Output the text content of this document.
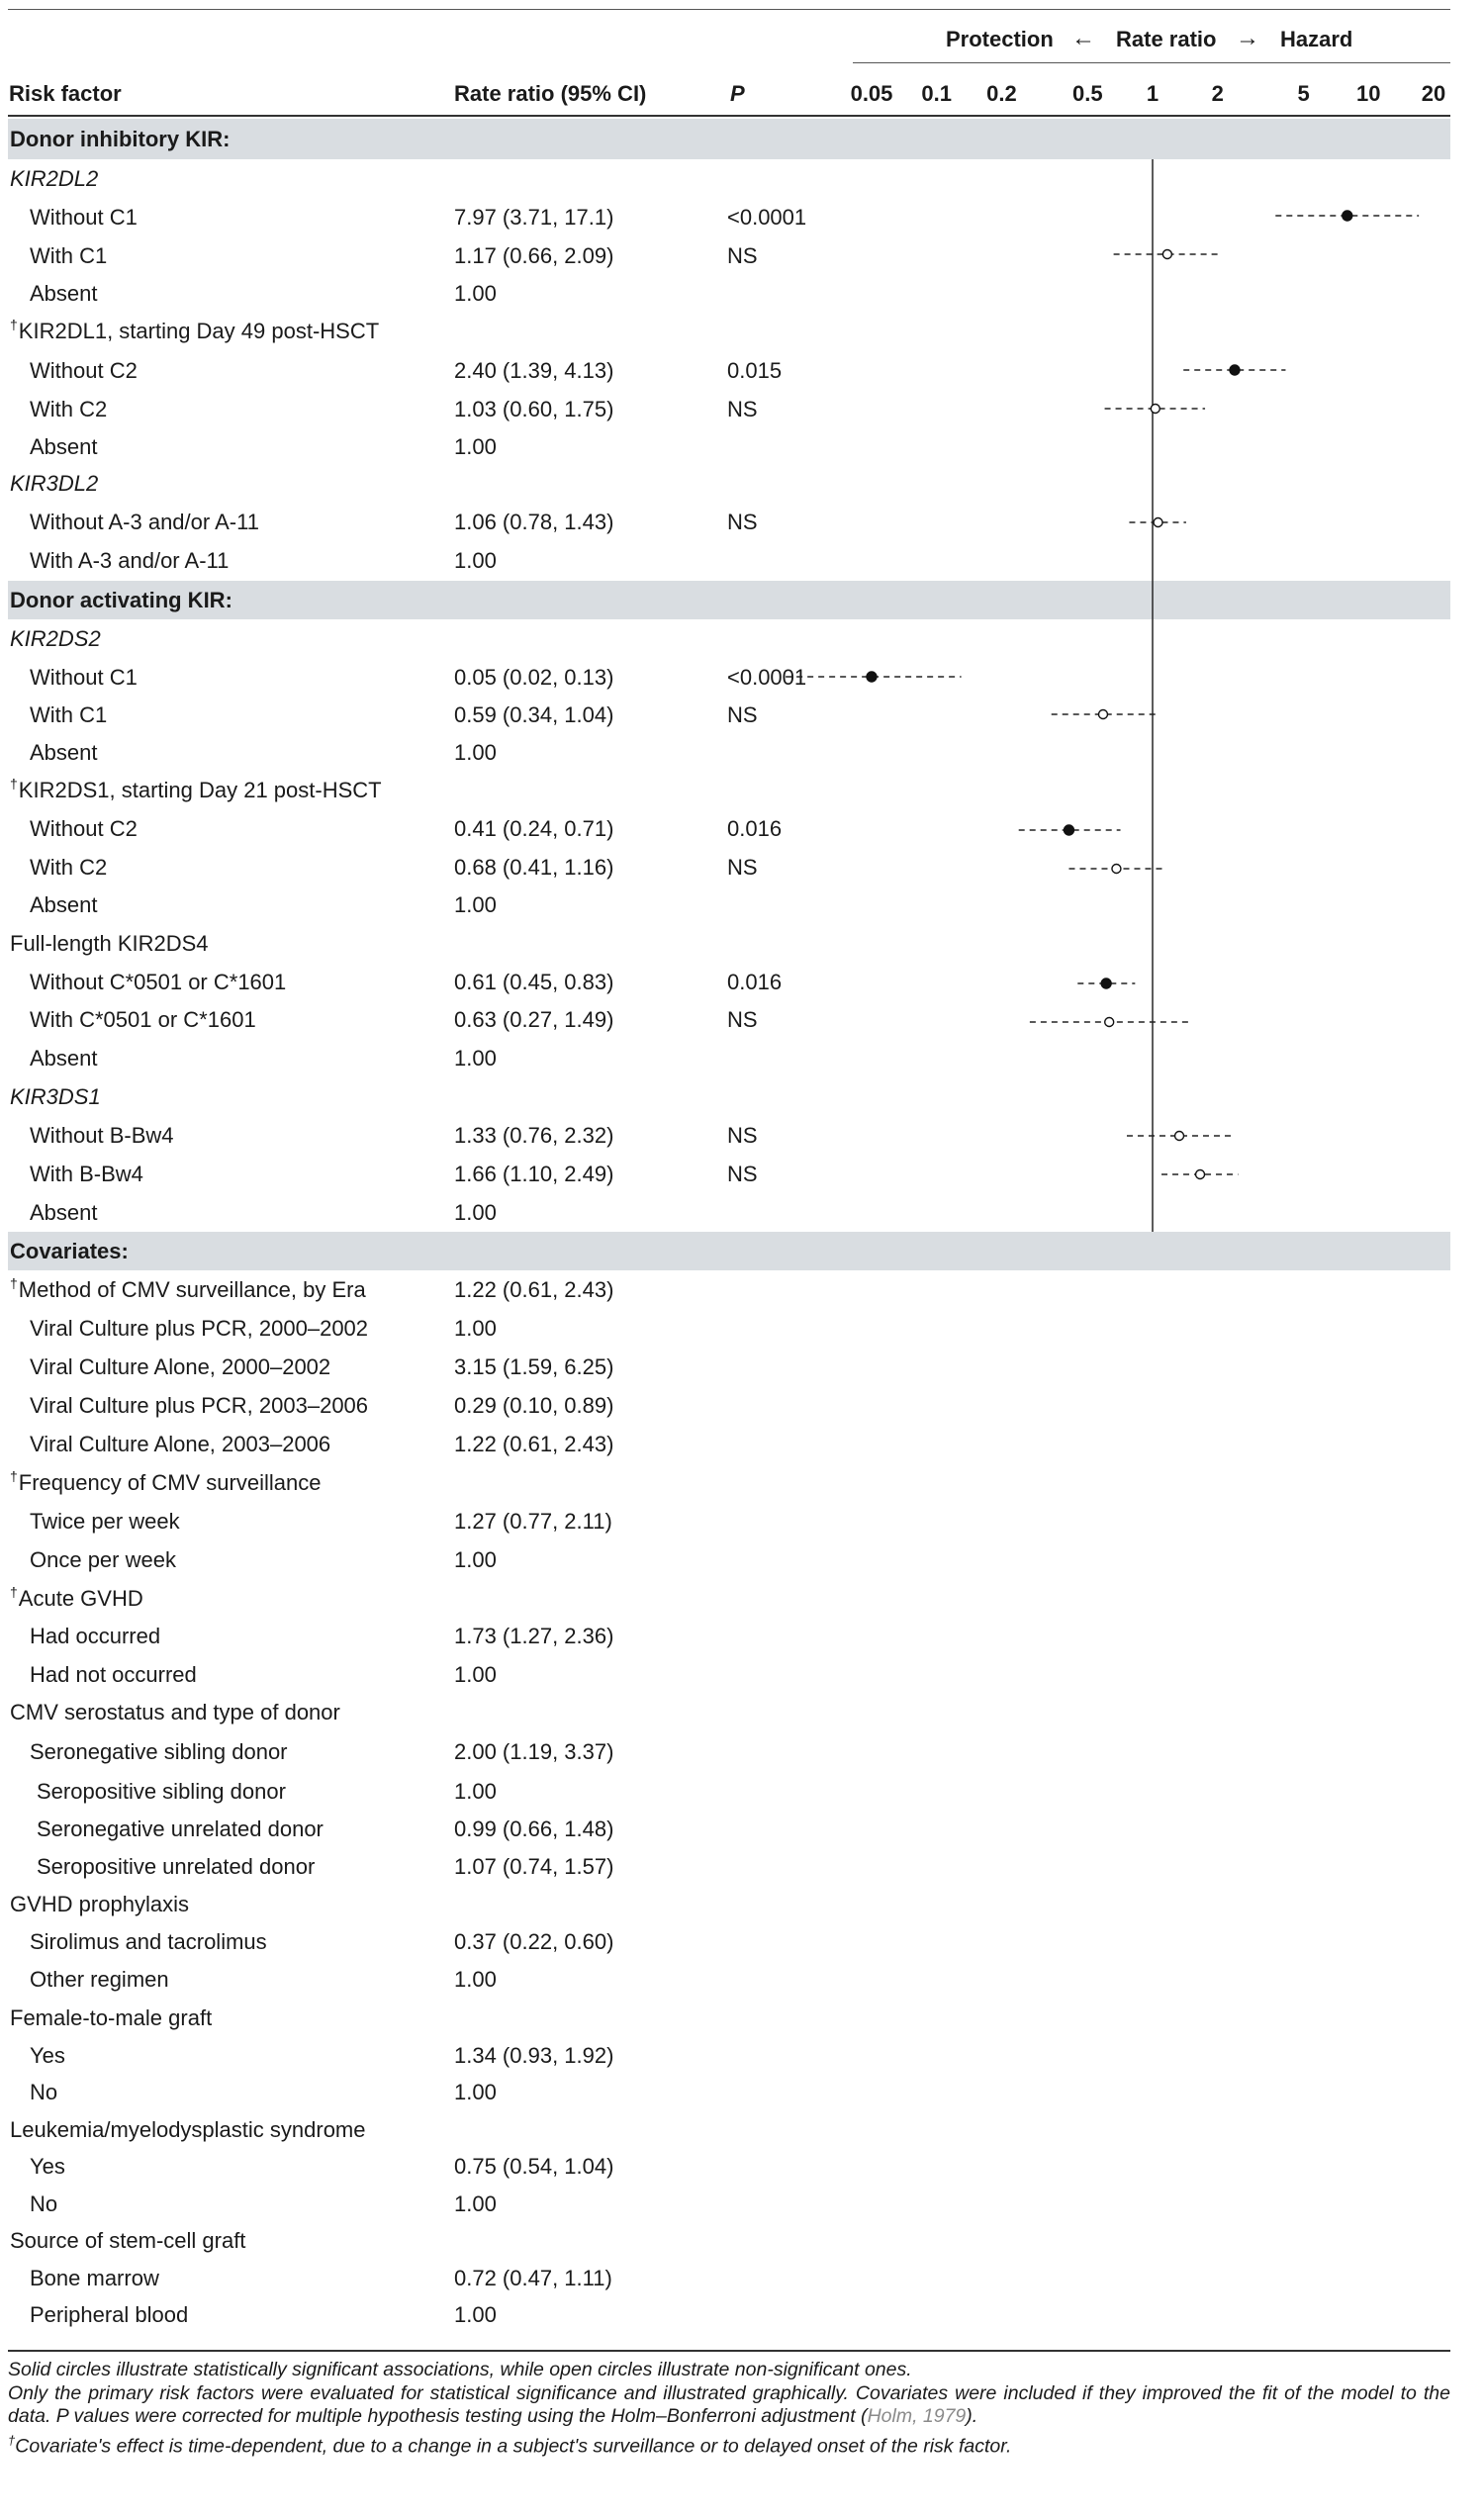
Protection ← Rate ratio → Hazard
Risk factor	Rate ratio (95% CI)	P	0.05	0.1	0.2	0.5	1	2	5	10	20
Donor inhibitory KIR:
KIR2DL2
Without C1	7.97 (3.71, 17.1)	<0.0001
With C1	1.17 (0.66, 2.09)	NS
Absent	1.00
†KIR2DL1, starting Day 49 post-HSCT
Without C2	2.40 (1.39, 4.13)	0.015
With C2	1.03 (0.60, 1.75)	NS
Absent	1.00
KIR3DL2
Without A-3 and/or A-11	1.06 (0.78, 1.43)	NS
With A-3 and/or A-11	1.00
Donor activating KIR:
KIR2DS2
Without C1	0.05 (0.02, 0.13)	<0.0001
With C1	0.59 (0.34, 1.04)	NS
Absent	1.00
†KIR2DS1, starting Day 21 post-HSCT
Without C2	0.41 (0.24, 0.71)	0.016
With C2	0.68 (0.41, 1.16)	NS
Absent	1.00
Full-length KIR2DS4
Without C*0501 or C*1601	0.61 (0.45, 0.83)	0.016
With C*0501 or C*1601	0.63 (0.27, 1.49)	NS
Absent	1.00
KIR3DS1
Without B-Bw4	1.33 (0.76, 2.32)	NS
With B-Bw4	1.66 (1.10, 2.49)	NS
Absent	1.00
Covariates:
†Method of CMV surveillance, by Era	1.22 (0.61, 2.43)
Viral Culture plus PCR, 2000–2002	1.00
Viral Culture Alone, 2000–2002	3.15 (1.59, 6.25)
Viral Culture plus PCR, 2003–2006	0.29 (0.10, 0.89)
Viral Culture Alone, 2003–2006	1.22 (0.61, 2.43)
†Frequency of CMV surveillance
Twice per week	1.27 (0.77, 2.11)
Once per week	1.00
†Acute GVHD
Had occurred	1.73 (1.27, 2.36)
Had not occurred	1.00
CMV serostatus and type of donor
Seronegative sibling donor	2.00 (1.19, 3.37)
Seropositive sibling donor	1.00
Seronegative unrelated donor	0.99 (0.66, 1.48)
Seropositive unrelated donor	1.07 (0.74, 1.57)
GVHD prophylaxis
Sirolimus and tacrolimus	0.37 (0.22, 0.60)
Other regimen	1.00
Female-to-male graft
Yes	1.34 (0.93, 1.92)
No	1.00
Leukemia/myelodysplastic syndrome
Yes	0.75 (0.54, 1.04)
No	1.00
Source of stem-cell graft
Bone marrow	0.72 (0.47, 1.11)
Peripheral blood	1.00
Solid circles illustrate statistically significant associations, while open circles illustrate non-significant ones.
Only the primary risk factors were evaluated for statistical significance and illustrated graphically. Covariates were included if they improved the fit of the model to the data. P values were corrected for multiple hypothesis testing using the Holm–Bonferroni adjustment (Holm, 1979).
†Covariate's effect is time-dependent, due to a change in a subject's surveillance or to delayed onset of the risk factor.
